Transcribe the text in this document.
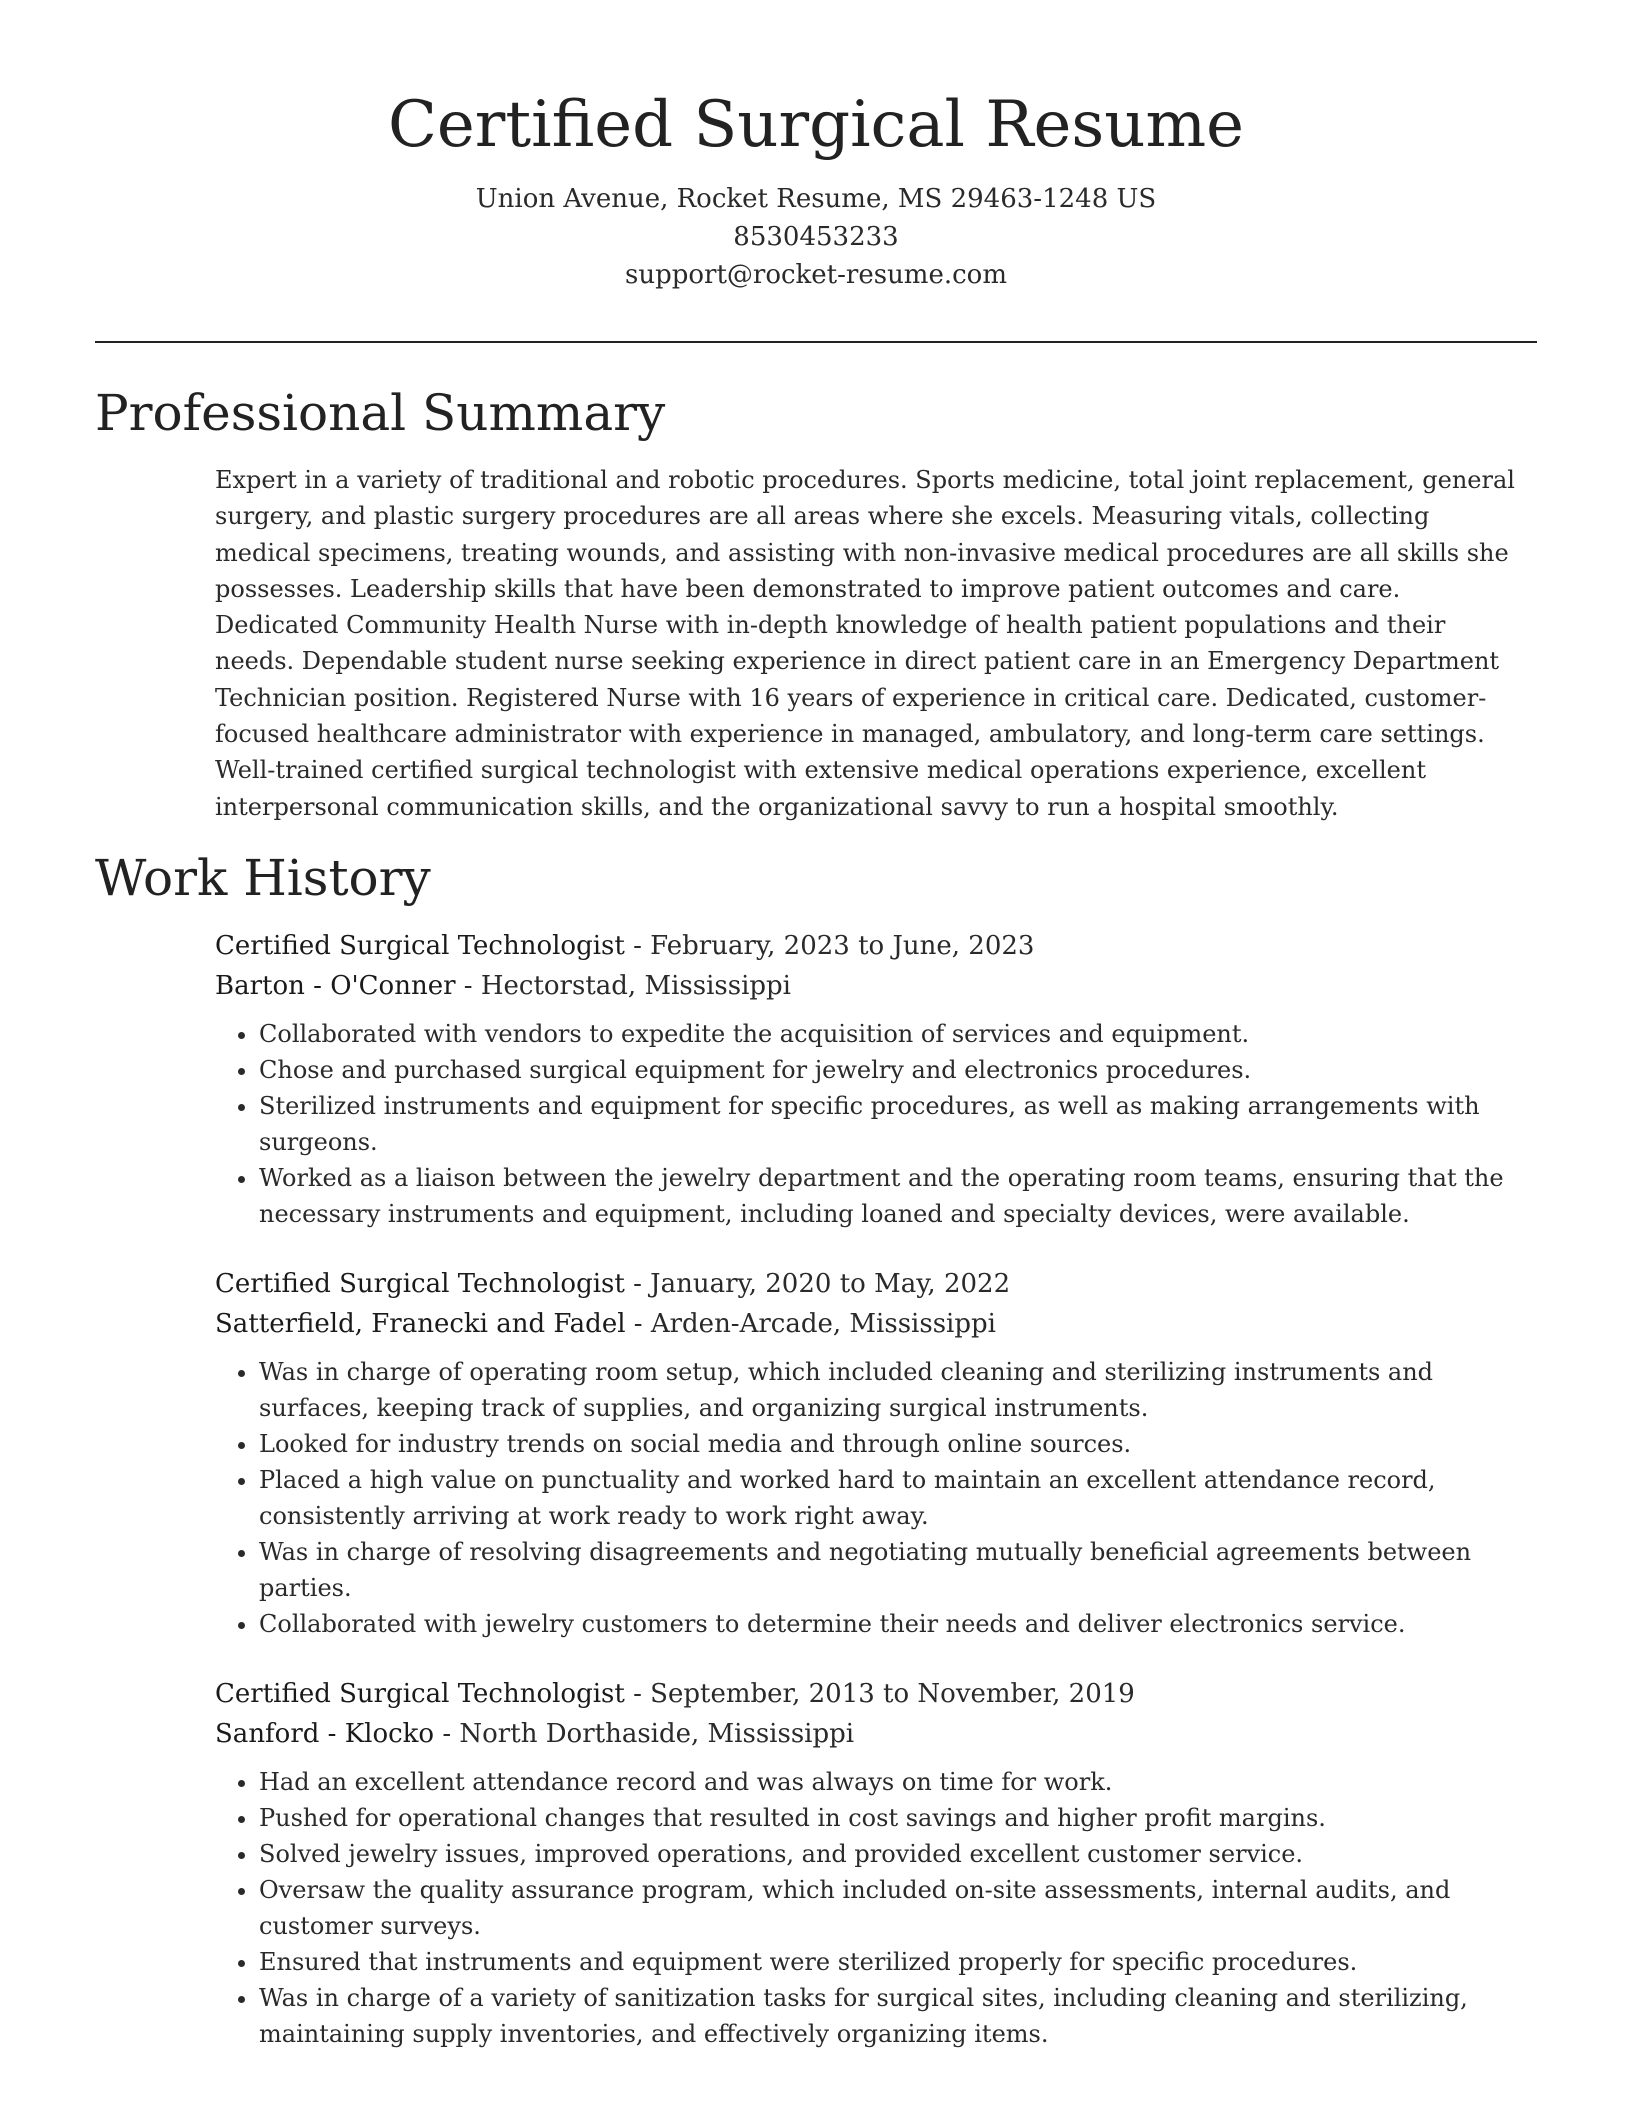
Certified Surgical Resume
Union Avenue, Rocket Resume, MS 29463-1248 US
8530453233
support@rocket-resume.com
Professional Summary

Expert in a variety of traditional and robotic procedures. Sports medicine, total joint replacement, general surgery, and plastic surgery procedures are all areas where she excels. Measuring vitals, collecting medical specimens, treating wounds, and assisting with non-invasive medical procedures are all skills she possesses. Leadership skills that have been demonstrated to improve patient outcomes and care. Dedicated Community Health Nurse with in-depth knowledge of health patient populations and their needs. Dependable student nurse seeking experience in direct patient care in an Emergency Department Technician position. Registered Nurse with 16 years of experience in critical care. Dedicated, customer-focused healthcare administrator with experience in managed, ambulatory, and long-term care settings. Well-trained certified surgical technologist with extensive medical operations experience, excellent interpersonal communication skills, and the organizational savvy to run a hospital smoothly.

Work History
Certified Surgical Technologist - February, 2023 to June, 2023
Barton - O'Conner - Hectorstad, Mississippi
• Collaborated with vendors to expedite the acquisition of services and equipment.
• Chose and purchased surgical equipment for jewelry and electronics procedures.
• Sterilized instruments and equipment for specific procedures, as well as making arrangements with surgeons.
• Worked as a liaison between the jewelry department and the operating room teams, ensuring that the necessary instruments and equipment, including loaned and specialty devices, were available.
Certified Surgical Technologist - January, 2020 to May, 2022
Satterfield, Franecki and Fadel - Arden-Arcade, Mississippi
• Was in charge of operating room setup, which included cleaning and sterilizing instruments and surfaces, keeping track of supplies, and organizing surgical instruments.
• Looked for industry trends on social media and through online sources.
• Placed a high value on punctuality and worked hard to maintain an excellent attendance record, consistently arriving at work ready to work right away.
• Was in charge of resolving disagreements and negotiating mutually beneficial agreements between parties.
• Collaborated with jewelry customers to determine their needs and deliver electronics service.
Certified Surgical Technologist - September, 2013 to November, 2019
Sanford - Klocko - North Dorthaside, Mississippi
• Had an excellent attendance record and was always on time for work.
• Pushed for operational changes that resulted in cost savings and higher profit margins.
• Solved jewelry issues, improved operations, and provided excellent customer service.
• Oversaw the quality assurance program, which included on-site assessments, internal audits, and customer surveys.
• Ensured that instruments and equipment were sterilized properly for specific procedures.
• Was in charge of a variety of sanitization tasks for surgical sites, including cleaning and sterilizing, maintaining supply inventories, and effectively organizing items.
